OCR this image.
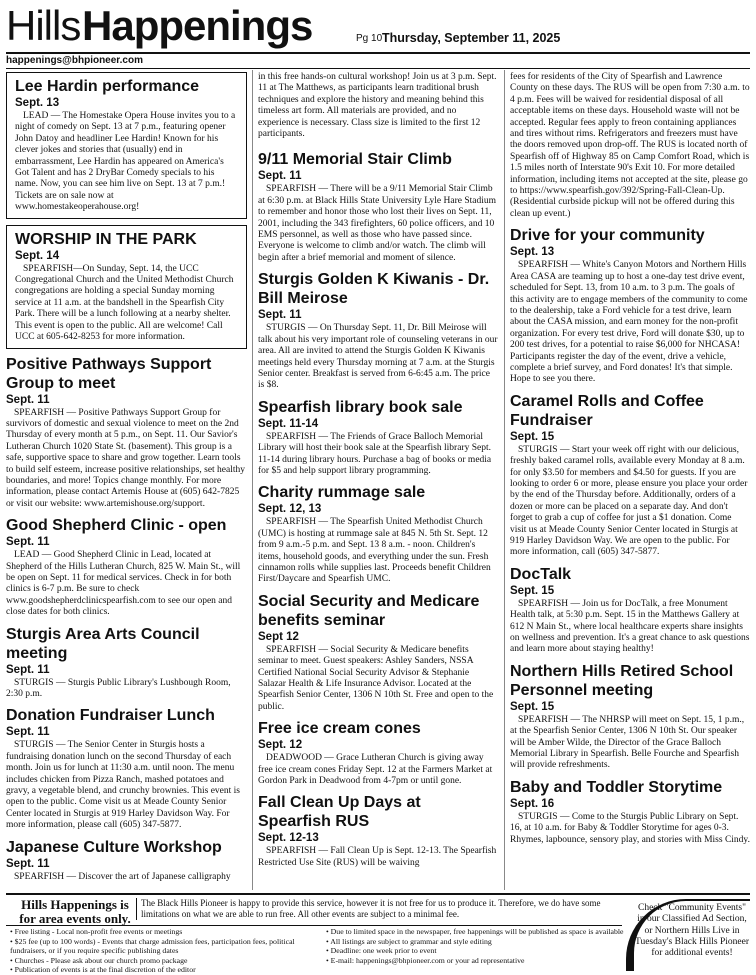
Hills Happenings	Pg 10 Thursday, September 11, 2025
happenings@bhpioneer.com
Lee Hardin performance
Sept. 13

LEAD — The Homestake Opera House invites you to a night of comedy on Sept. 13 at 7 p.m., featuring opener John Datoy and headliner Lee Hardin! Known for his clever jokes and stories that (usually) end in embarrassment, Lee Hardin has appeared on America's Got Talent and has 2 DryBar Comedy specials to his name. Now, you can see him live on Sept. 13 at 7 p.m.! Tickets are on sale now at www.homestakeoperahouse.org!

WORSHIP IN THE PARK
Sept. 14

SPEARFISH—On Sunday, Sept. 14, the UCC Congregational Church and the United Methodist Church congregations are holding a special Sunday morning service at 11 a.m. at the bandshell in the Spearfish City Park. There will be a lunch following at a nearby shelter. This event is open to the public. All are welcome! Call UCC at 605-642-8253 for more information.

Positive Pathways Support Group to meet
Sept. 11

SPEARFISH — Positive Pathways Support Group for survivors of domestic and sexual violence to meet on the 2nd Thursday of every month at 5 p.m., on Sept. 11. Our Savior's Lutheran Church 1020 State St. (basement). This group is a safe, supportive space to share and grow together. Learn tools to build self esteem, increase positive relationships, set healthy boundaries, and more! Topics change monthly. For more information, please contact Artemis House at (605) 642-7825 or visit our website: www.artemishouse.org/support.

Good Shepherd Clinic - open
Sept. 11

LEAD — Good Shepherd Clinic in Lead, located at Shepherd of the Hills Lutheran Church, 825 W. Main St., will be open on Sept. 11 for medical services. Check in for both clinics is 6-7 p.m. Be sure to check www.goodshepherdclinicspearfish.com to see our open and close dates for both clinics.

Sturgis Area Arts Council meeting
Sept. 11

STURGIS — Sturgis Public Library's Lushbough Room, 2:30 p.m.

Donation Fundraiser Lunch
Sept. 11

STURGIS — The Senior Center in Sturgis hosts a fundraising donation lunch on the second Thursday of each month. Join us for lunch at 11:30 a.m. until noon. The menu includes chicken from Pizza Ranch, mashed potatoes and gravy, a vegetable blend, and crunchy brownies. This event is open to the public. Come visit us at Meade County Senior Center located in Sturgis at 919 Harley Davidson Way. For more information, please call (605) 347-5877.

Japanese Culture Workshop
Sept. 11

SPEARFISH — Discover the art of Japanese calligraphy

in this free hands-on cultural workshop! Join us at 3 p.m. Sept. 11 at The Matthews, as participants learn traditional brush techniques and explore the history and meaning behind this timeless art form. All materials are provided, and no experience is necessary. Class size is limited to the first 12 participants.

9/11 Memorial Stair Climb
Sept. 11

SPEARFISH — There will be a 9/11 Memorial Stair Climb at 6:30 p.m. at Black Hills State University Lyle Hare Stadium to remember and honor those who lost their lives on Sept. 11, 2001, including the 343 firefighters, 60 police officers, and 10 EMS personnel, as well as those who have passed since. Everyone is welcome to climb and/or watch. The climb will begin after a brief memorial and moment of silence.

Sturgis Golden K Kiwanis - Dr. Bill Meirose
Sept. 11

STURGIS — On Thursday Sept. 11, Dr. Bill Meirose will talk about his very important role of counseling veterans in our area. All are invited to attend the Sturgis Golden K Kiwanis meetings held every Thursday morning at 7 a.m. at the Sturgis Senior center. Breakfast is served from 6-6:45 a.m. The price is $8.

Spearfish library book sale
Sept. 11-14

SPEARFISH — The Friends of Grace Balloch Memorial Library will host their book sale at the Spearfish library Sept. 11-14 during library hours. Purchase a bag of books or media for $5 and help support library programming.

Charity rummage sale
Sept. 12, 13

SPEARFISH — The Spearfish United Methodist Church (UMC) is hosting at rummage sale at 845 N. 5th St. Sept. 12 from 9 a.m.-5 p.m. and Sept. 13 8 a.m. - noon. Children's items, household goods, and everything under the sun. Fresh cinnamon rolls while supplies last. Proceeds benefit Children First/Daycare and Spearfish UMC.

Social Security and Medicare benefits seminar
Sept 12

SPEARFISH — Social Security & Medicare benefits seminar to meet. Guest speakers: Ashley Sanders, NSSA Certified National Social Security Advisor & Stephanie Salazar Health & Life Insurance Advisor. Located at the Spearfish Senior Center, 1306 N 10th St. Free and open to the public.

Free ice cream cones
Sept. 12

DEADWOOD — Grace Lutheran Church is giving away free ice cream cones Friday Sept. 12 at the Farmers Market at Gordon Park in Deadwood from 4-7pm or until gone.

Fall Clean Up Days at Spearfish RUS
Sept. 12-13

SPEARFISH — Fall Clean Up is Sept. 12-13. The Spearfish Restricted Use Site (RUS) will be waiving

fees for residents of the City of Spearfish and Lawrence County on these days. The RUS will be open from 7:30 a.m. to 4 p.m. Fees will be waived for residential disposal of all acceptable items on these days. Household waste will not be accepted. Regular fees apply to freon containing appliances and tires without rims. Refrigerators and freezers must have the doors removed upon drop-off. The RUS is located north of Spearfish off of Highway 85 on Camp Comfort Road, which is 1.5 miles north of Interstate 90's Exit 10. For more detailed information, including items not accepted at the site, please go to https://www.spearfish.gov/392/Spring-Fall-Clean-Up. (Residential curbside pickup will not be offered during this clean up event.)

Drive for your community
Sept. 13

SPEARFISH — White's Canyon Motors and Northern Hills Area CASA are teaming up to host a one-day test drive event, scheduled for Sept. 13, from 10 a.m. to 3 p.m. The goals of this activity are to engage members of the community to come to the dealership, take a Ford vehicle for a test drive, learn about the CASA mission, and earn money for the non-profit organization. For every test drive, Ford will donate $30, up to 200 test drives, for a potential to raise $6,000 for NHCASA! Participants register the day of the event, drive a vehicle, complete a brief survey, and Ford donates! It's that simple. Hope to see you there.

Caramel Rolls and Coffee Fundraiser
Sept. 15

STURGIS — Start your week off right with our delicious, freshly baked caramel rolls, available every Monday at 8 a.m. for only $3.50 for members and $4.50 for guests. If you are looking to order 6 or more, please ensure you place your order by the end of the Thursday before. Additionally, orders of a dozen or more can be placed on a separate day. And don't forget to grab a cup of coffee for just a $1 donation. Come visit us at Meade County Senior Center located in Sturgis at 919 Harley Davidson Way. We are open to the public. For more information, call (605) 347-5877.

DocTalk
Sept. 15

SPEARFISH — Join us for DocTalk, a free Monument Health talk, at 5:30 p.m. Sept. 15 in the Matthews Gallery at 612 N Main St., where local healthcare experts share insights on wellness and prevention. It's a great chance to ask questions and learn more about staying healthy!

Northern Hills Retired School Personnel meeting
Sept. 15

SPEARFISH — The NHRSP will meet on Sept. 15, 1 p.m., at the Spearfish Senior Center, 1306 N 10th St. Our speaker will be Amber Wilde, the Director of the Grace Balloch Memorial Library in Spearfish. Belle Fourche and Spearfish will provide refreshments.

Baby and Toddler Storytime
Sept. 16

STURGIS — Come to the Sturgis Public Library on Sept. 16, at 10 a.m. for Baby & Toddler Storytime for ages 0-3. Rhymes, lapbounce, sensory play, and stories with Miss Cindy.

Hills Happenings is for area events only.
The Black Hills Pioneer is happy to provide this service, however it is not free for us to produce it. Therefore, we do have some limitations on what we are able to run free. All other events are subject to a minimal fee.
• Free listing - Local non-profit free events or meetings
• $25 fee (up to 100 words) - Events that charge admission fees, participation fees, political fundraisers, or if you require specific publishing dates
• Churches - Please ask about our church promo package
• Publication of events is at the final discretion of the editor
• Due to limited space in the newspaper, free happenings will be published as space is available
• All listings are subject to grammar and style editing
• Deadline: one week prior to event
• E-mail: happenings@bhpioneer.com or your ad representative
Check "Community Events" in our Classified Ad Section, or Northern Hills Live in Tuesday's Black Hills Pioneer for additional events!
